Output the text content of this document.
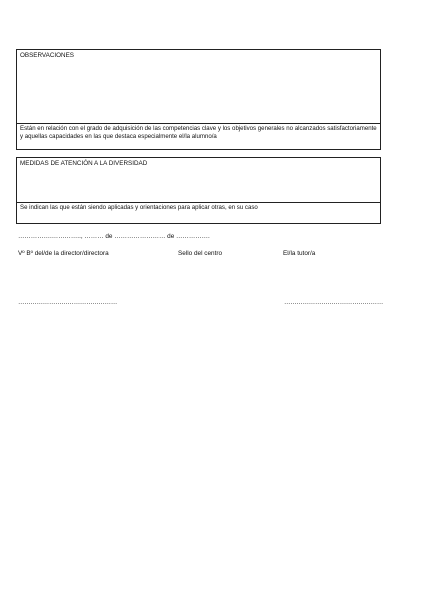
OBSERVACIONES
Están en relación con el grado de adquisición de las competencias clave y los objetivos generales no alcanzados satisfactoriamente y aquellas capacidades en las que destaca especialmente el/la alumno/a
MEDIDAS DE ATENCIÓN A LA DIVERSIDAD
Se indican las que están siendo aplicadas y orientaciones para aplicar otras, en su caso
…………….………….., ……… de …………………… de …………….
Vº Bº del/de la director/directora	Sello del centro	El/la tutor/a
…………………………………………	…………………………………………
